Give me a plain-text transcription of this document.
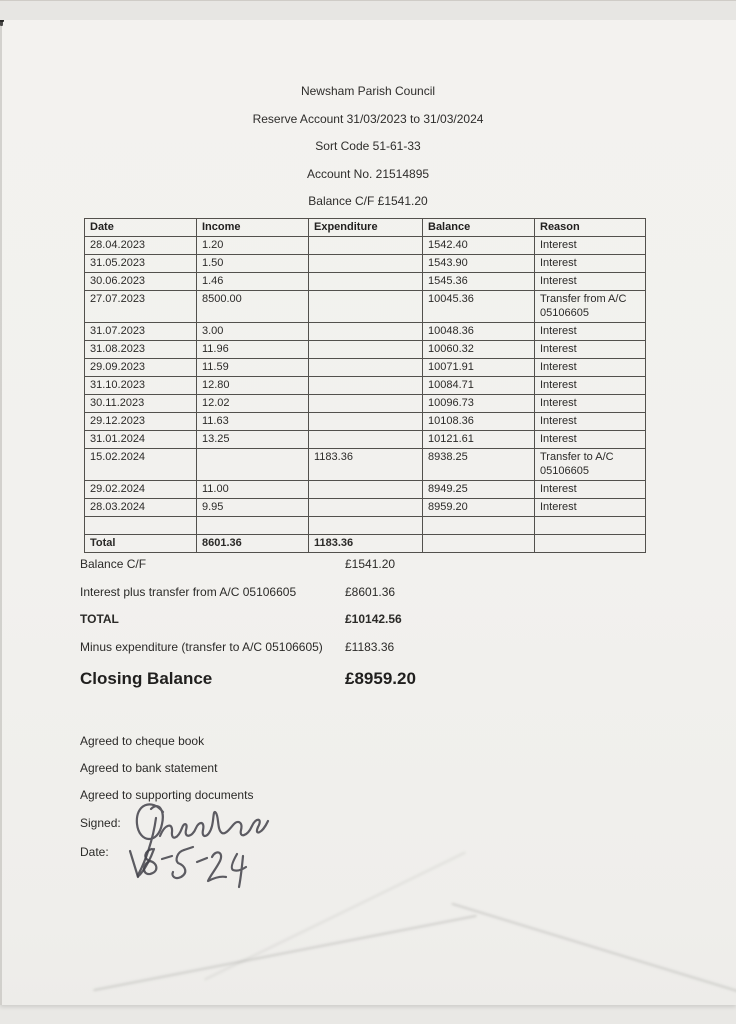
Newsham Parish Council
Reserve Account 31/03/2023 to 31/03/2024
Sort Code 51-61-33
Account No. 21514895
Balance C/F £1541.20
Date	Income	Expenditure	Balance	Reason
28.04.2023	1.20		1542.40	Interest
31.05.2023	1.50		1543.90	Interest
30.06.2023	1.46		1545.36	Interest
27.07.2023	8500.00		10045.36	Transfer from A/C 05106605
31.07.2023	3.00		10048.36	Interest
31.08.2023	11.96		10060.32	Interest
29.09.2023	11.59		10071.91	Interest
31.10.2023	12.80		10084.71	Interest
30.11.2023	12.02		10096.73	Interest
29.12.2023	11.63		10108.36	Interest
31.01.2024	13.25		10121.61	Interest
15.02.2024		1183.36	8938.25	Transfer to A/C 05106605
29.02.2024	11.00		8949.25	Interest
28.03.2024	9.95		8959.20	Interest

Total	8601.36	1183.36		
Balance C/F	£1541.20
Interest plus transfer from A/C 05106605	£8601.36
TOTAL	£10142.56
Minus expenditure (transfer to A/C 05106605) £1183.36
Closing Balance	£8959.20
Agreed to cheque book
Agreed to bank statement
Agreed to supporting documents
Signed:
Date:
